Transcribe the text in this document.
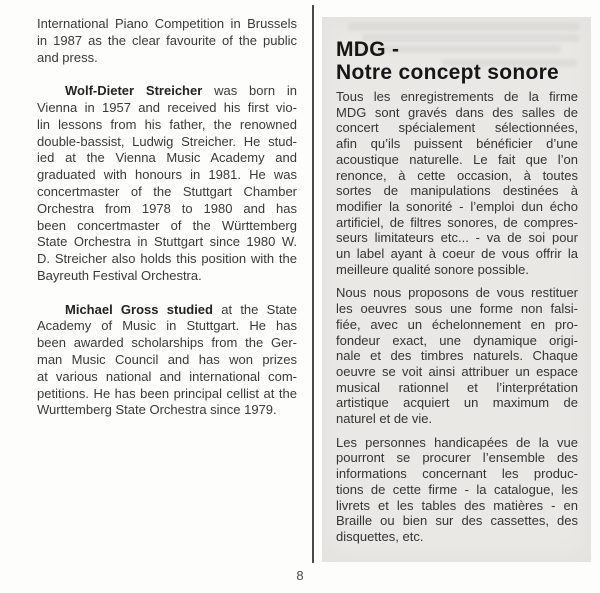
International Piano Competition in Brussels
in 1987 as the clear favourite of the public
and press.
Wolf-Dieter Streicher was born in
Vienna in 1957 and received his first vio-
lin lessons from his father, the renowned
double-bassist, Ludwig Streicher. He stud-
ied at the Vienna Music Academy and
graduated with honours in 1981. He was
concertmaster of the Stuttgart Chamber
Orchestra from 1978 to 1980 and has
been concertmaster of the Württemberg
State Orchestra in Stuttgart since 1980 W.
D. Streicher also holds this position with the
Bayreuth Festival Orchestra.
Michael Gross studied at the State
Academy of Music in Stuttgart. He has
been awarded scholarships from the Ger-
man Music Council and has won prizes
at various national and international com-
petitions. He has been principal cellist at the
Wurttemberg State Orchestra since 1979.
MDG -
Notre concept sonore
Tous les enregistrements de la firme
MDG sont gravés dans des salles de
concert spécialement sélectionnées,
afin qu’ils puissent bénéficier d’une
acoustique naturelle. Le fait que l’on
renonce, à cette occasion, à toutes
sortes de manipulations destinées à
modifier la sonorité - l’emploi dun écho
artificiel, de filtres sonores, de compres-
seurs limitateurs etc... - va de soi pour
un label ayant à coeur de vous offrir la
meilleure qualité sonore possible.
Nous nous proposons de vous restituer
les oeuvres sous une forme non falsi-
fiée, avec un échelonnement en pro-
fondeur exact, une dynamique origi-
nale et des timbres naturels. Chaque
oeuvre se voit ainsi attribuer un espace
musical rationnel et l’interprétation
artistique acquiert un maximum de
naturel et de vie.
Les personnes handicapées de la vue
pourront se procurer l’ensemble des
informations concernant les produc-
tions de cette firme - la catalogue, les
livrets et les tables des matières - en
Braille ou bien sur des cassettes, des
disquettes, etc.
8
